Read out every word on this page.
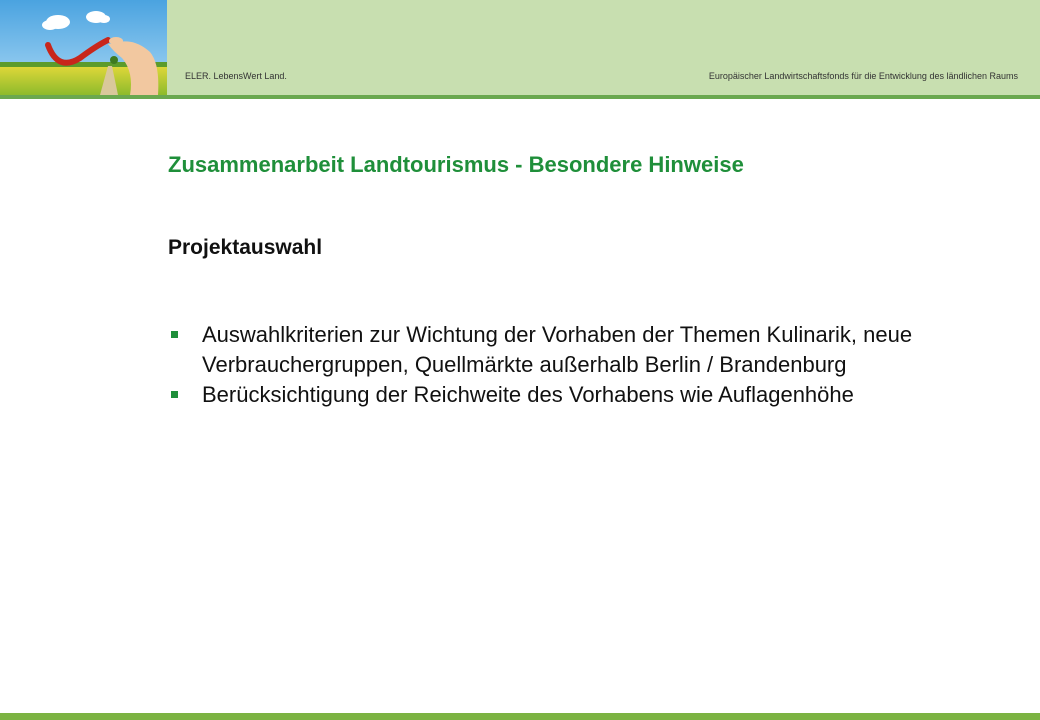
ELER. LebensWert Land.	Europäischer Landwirtschaftsfonds für die Entwicklung des ländlichen Raums
Zusammenarbeit Landtourismus - Besondere Hinweise
Projektauswahl
Auswahlkriterien zur Wichtung der Vorhaben der Themen Kulinarik, neue Verbrauchergruppen, Quellmärkte außerhalb Berlin / Brandenburg
Berücksichtigung der Reichweite des Vorhabens wie Auflagenhöhe
